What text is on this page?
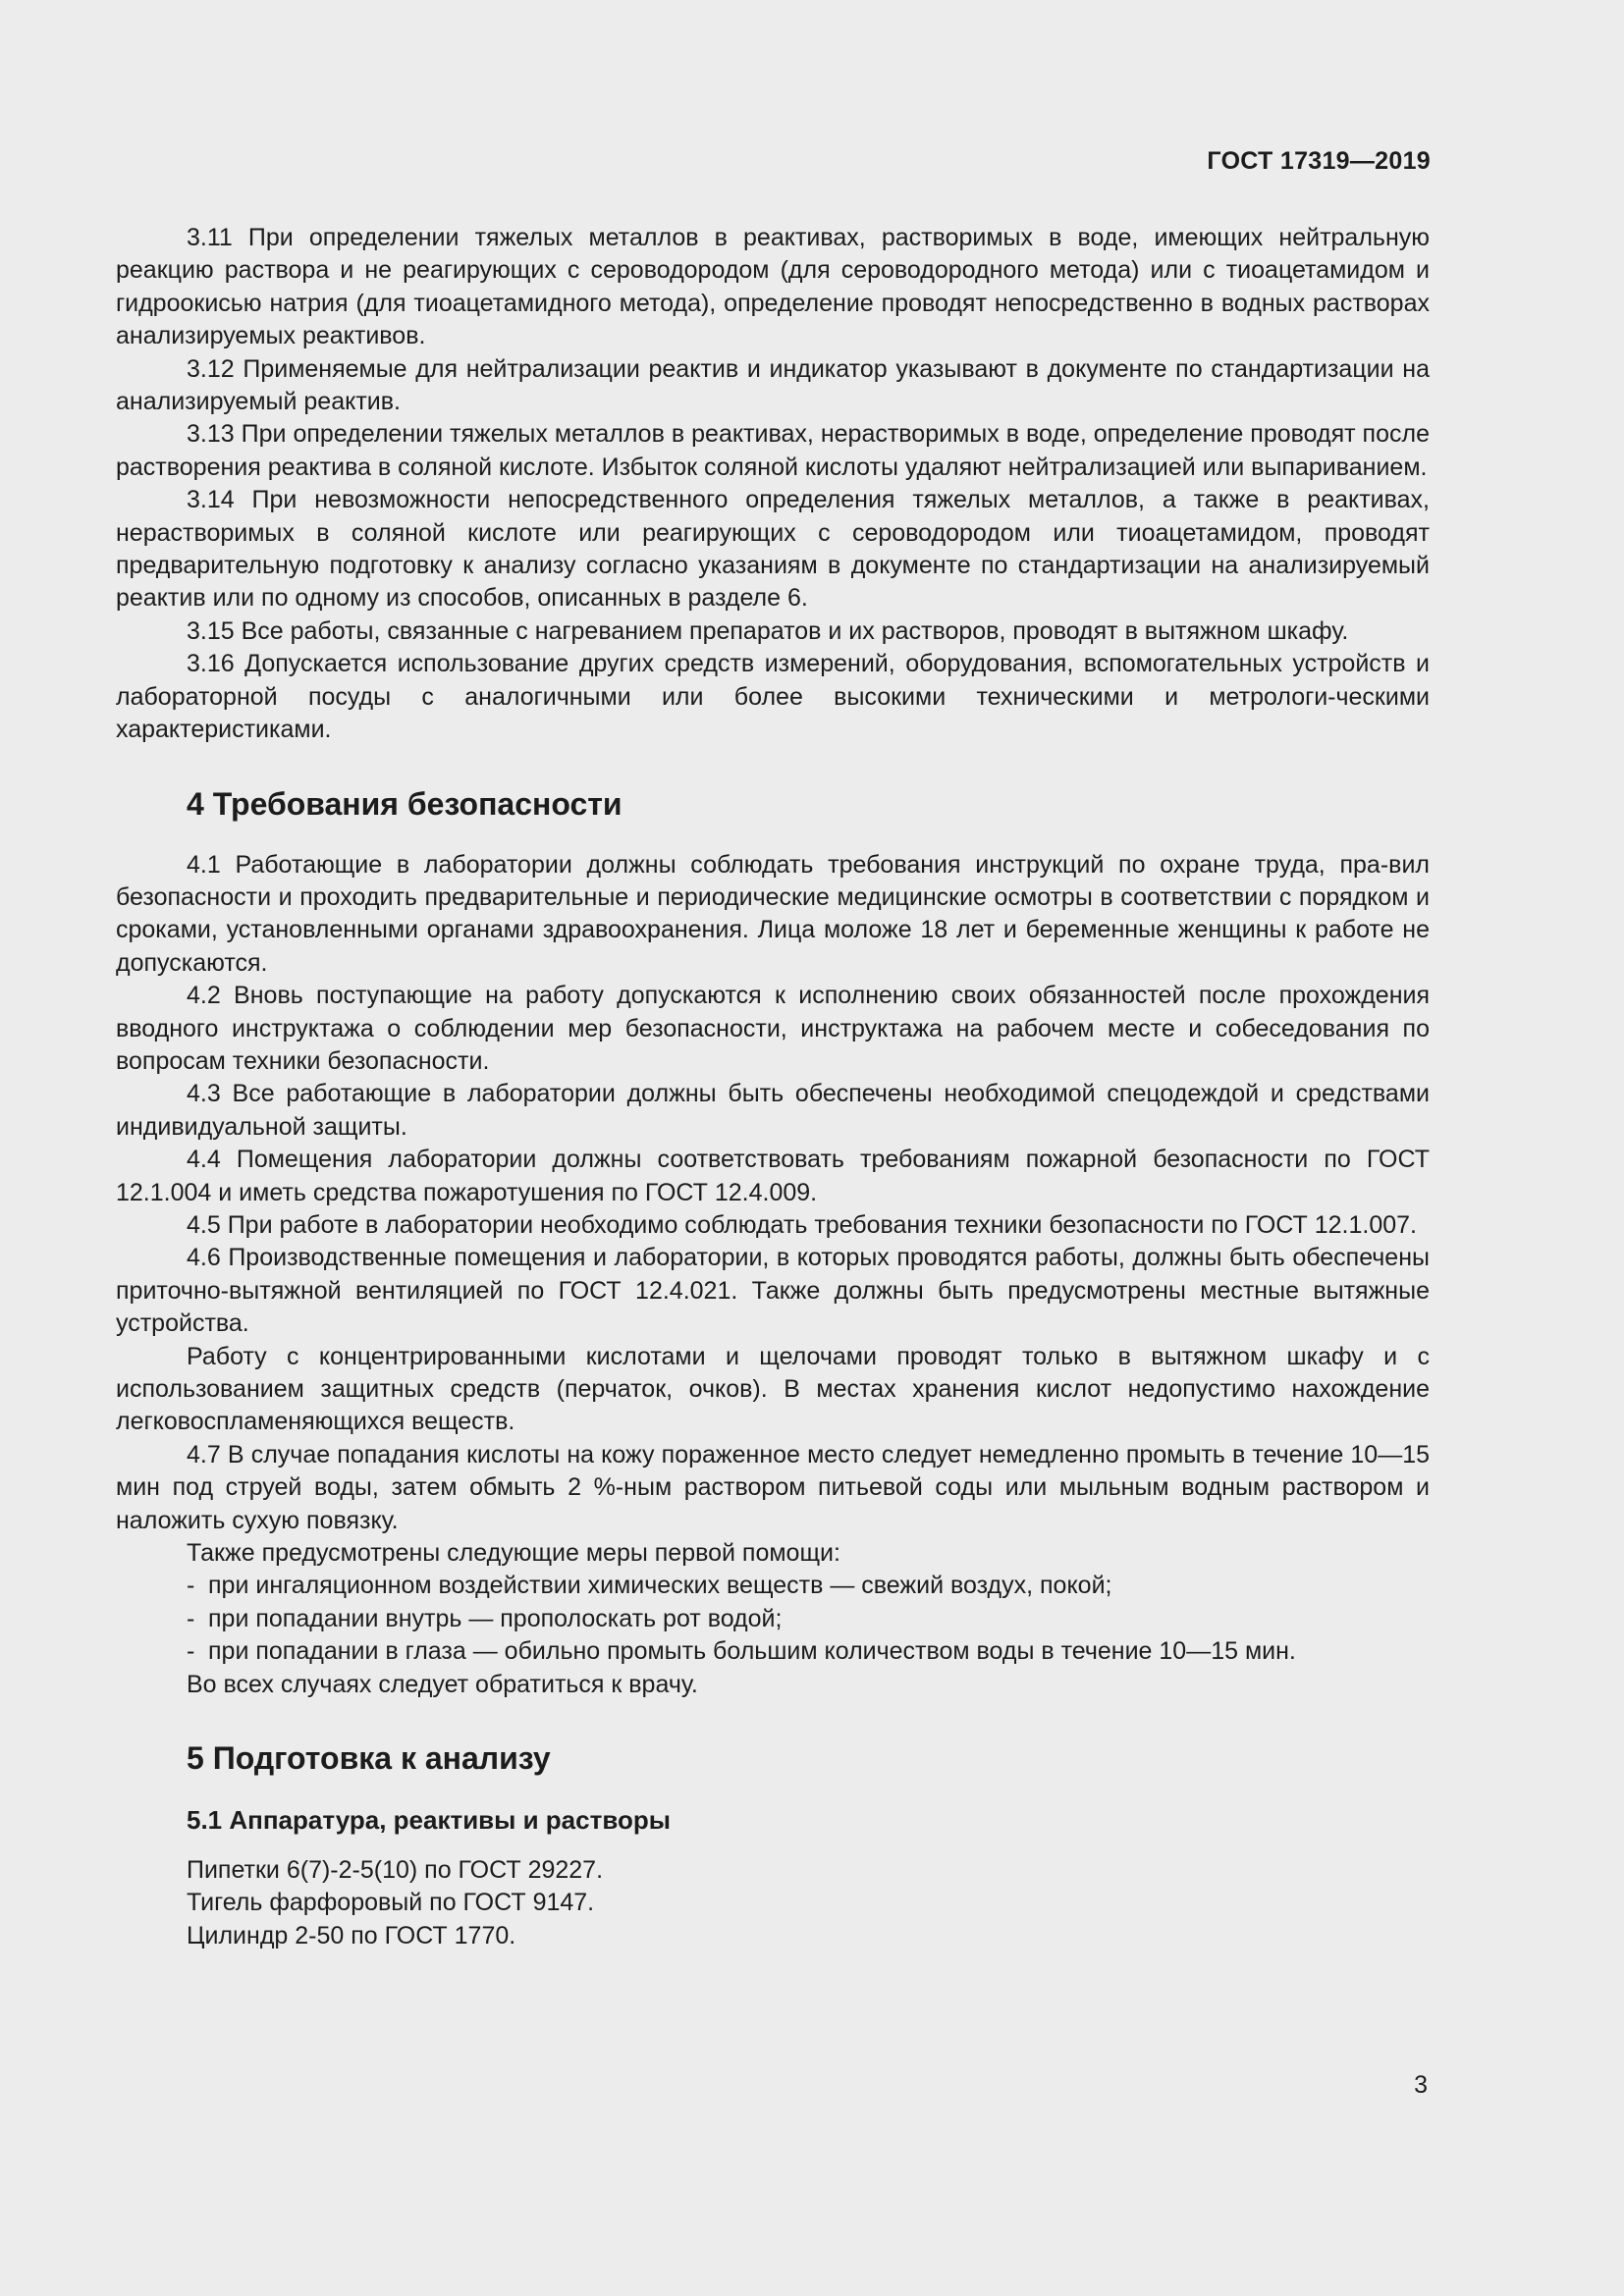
ГОСТ 17319—2019

3.11 При определении тяжелых металлов в реактивах, растворимых в воде, имеющих нейтральную реакцию раствора и не реагирующих с сероводородом (для сероводородного метода) или с тиоацетамидом и гидроокисью натрия (для тиоацетамидного метода), определение проводят непосредственно в водных растворах анализируемых реактивов.

3.12 Применяемые для нейтрализации реактив и индикатор указывают в документе по стандартизации на анализируемый реактив.

3.13 При определении тяжелых металлов в реактивах, нерастворимых в воде, определение проводят после растворения реактива в соляной кислоте. Избыток соляной кислоты удаляют нейтрализацией или выпариванием.

3.14 При невозможности непосредственного определения тяжелых металлов, а также в реактивах, нерастворимых в соляной кислоте или реагирующих с сероводородом или тиоацетамидом, проводят предварительную подготовку к анализу согласно указаниям в документе по стандартизации на анализируемый реактив или по одному из способов, описанных в разделе 6.

3.15 Все работы, связанные с нагреванием препаратов и их растворов, проводят в вытяжном шкафу.

3.16 Допускается использование других средств измерений, оборудования, вспомогательных устройств и лабораторной посуды с аналогичными или более высокими техническими и метрологи-ческими характеристиками.

4 Требования безопасности

4.1 Работающие в лаборатории должны соблюдать требования инструкций по охране труда, пра-вил безопасности и проходить предварительные и периодические медицинские осмотры в соответствии с порядком и сроками, установленными органами здравоохранения. Лица моложе 18 лет и беременные женщины к работе не допускаются.

4.2 Вновь поступающие на работу допускаются к исполнению своих обязанностей после прохождения вводного инструктажа о соблюдении мер безопасности, инструктажа на рабочем месте и собеседования по вопросам техники безопасности.

4.3 Все работающие в лаборатории должны быть обеспечены необходимой спецодеждой и средствами индивидуальной защиты.

4.4 Помещения лаборатории должны соответствовать требованиям пожарной безопасности по ГОСТ 12.1.004 и иметь средства пожаротушения по ГОСТ 12.4.009.

4.5 При работе в лаборатории необходимо соблюдать требования техники безопасности по ГОСТ 12.1.007.

4.6 Производственные помещения и лаборатории, в которых проводятся работы, должны быть обеспечены приточно-вытяжной вентиляцией по ГОСТ 12.4.021. Также должны быть предусмотрены местные вытяжные устройства.

Работу с концентрированными кислотами и щелочами проводят только в вытяжном шкафу и с использованием защитных средств (перчаток, очков). В местах хранения кислот недопустимо нахождение легковоспламеняющихся веществ.

4.7 В случае попадания кислоты на кожу пораженное место следует немедленно промыть в течение 10—15 мин под струей воды, затем обмыть 2 %-ным раствором питьевой соды или мыльным водным раствором и наложить сухую повязку.

Также предусмотрены следующие меры первой помощи:

- при ингаляционном воздействии химических веществ — свежий воздух, покой;
- при попадании внутрь — прополоскать рот водой;
- при попадании в глаза — обильно промыть большим количеством воды в течение 10—15 мин.

Во всех случаях следует обратиться к врачу.

5 Подготовка к анализу
5.1 Аппаратура, реактивы и растворы

Пипетки 6(7)-2-5(10) по ГОСТ 29227.

Тигель фарфоровый по ГОСТ 9147.

Цилиндр 2-50 по ГОСТ 1770.

3
